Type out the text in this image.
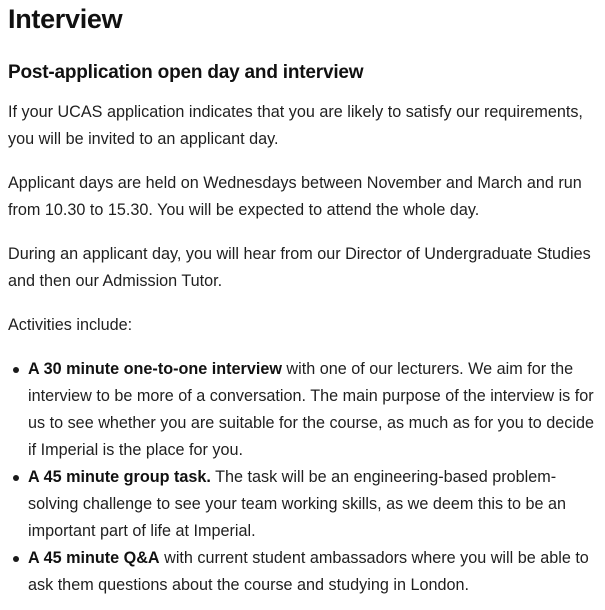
Interview
Post-application open day and interview

If your UCAS application indicates that you are likely to satisfy our requirements, you will be invited to an applicant day.

Applicant days are held on Wednesdays between November and March and run from 10.30 to 15.30. You will be expected to attend the whole day.

During an applicant day, you will hear from our Director of Undergraduate Studies and then our Admission Tutor.

Activities include:

A 30 minute one-to-one interview with one of our lecturers. We aim for the interview to be more of a conversation. The main purpose of the interview is for us to see whether you are suitable for the course, as much as for you to decide if Imperial is the place for you.
A 45 minute group task. The task will be an engineering-based problem-solving challenge to see your team working skills, as we deem this to be an important part of life at Imperial.
A 45 minute Q&A with current student ambassadors where you will be able to ask them questions about the course and studying in London.
